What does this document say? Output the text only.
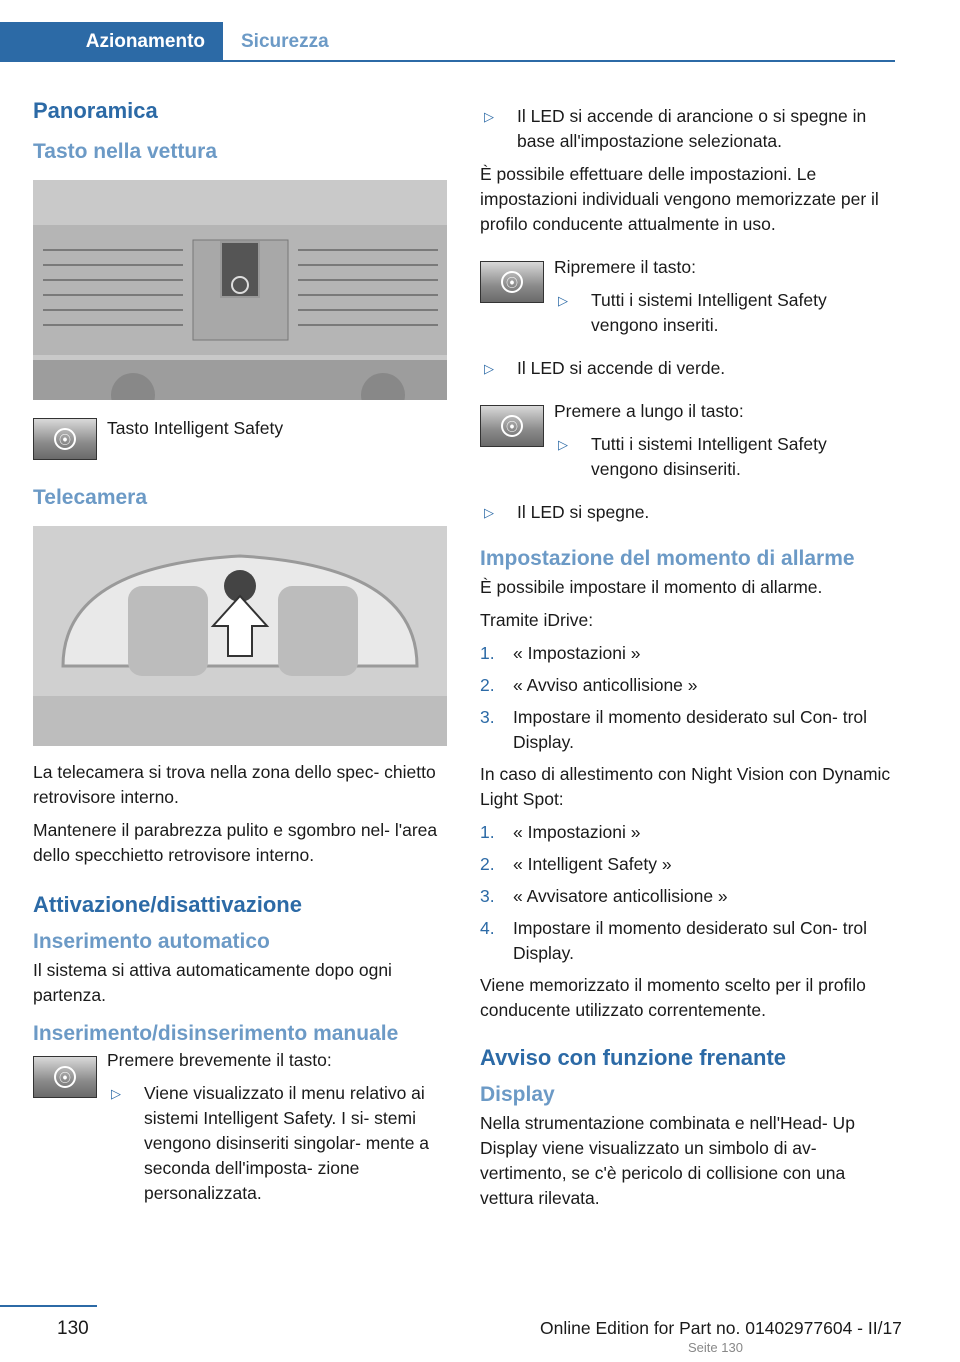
Azionamento	Sicurezza
Panoramica
Tasto nella vettura
⦿

Tasto Intelligent Safety

Telecamera

La telecamera si trova nella zona dello spec‐ chietto retrovisore interno.

Mantenere il parabrezza pulito e sgombro nel‐ l'area dello specchietto retrovisore interno.

Attivazione/disattivazione
Inserimento automatico

Il sistema si attiva automaticamente dopo ogni partenza.

Inserimento/disinserimento manuale
⦿

Premere brevemente il tasto:

▷	Viene visualizzato il menu relativo ai sistemi Intelligent Safety. I si‐ stemi vengono disinseriti singolar‐ mente a seconda dell'imposta‐ zione personalizzata.
▷	Il LED si accende di arancione o si spegne in base all'impostazione selezionata.

È possibile effettuare delle impostazioni. Le impostazioni individuali vengono memorizzate per il profilo conducente attualmente in uso.

⦿

Ripremere il tasto:

▷	Tutti i sistemi Intelligent Safety vengono inseriti.
▷	Il LED si accende di verde.
⦿

Premere a lungo il tasto:

▷	Tutti i sistemi Intelligent Safety vengono disinseriti.
▷	Il LED si spegne.
Impostazione del momento di allarme

È possibile impostare il momento di allarme.

Tramite iDrive:

1.	« Impostazioni »
2.	« Avviso anticollisione »
3.	Impostare il momento desiderato sul Con‐ trol Display.

In caso di allestimento con Night Vision con Dynamic Light Spot:

1.	« Impostazioni »
2.	« Intelligent Safety »
3.	« Avvisatore anticollisione »
4.	Impostare il momento desiderato sul Con‐ trol Display.

Viene memorizzato il momento scelto per il profilo conducente utilizzato correntemente.

Avviso con funzione frenante
Display

Nella strumentazione combinata e nell'Head- Up Display viene visualizzato un simbolo di av‐ vertimento, se c'è pericolo di collisione con una vettura rilevata.

130	Online Edition for Part no. 01402977604 - II/17
Seite 130
